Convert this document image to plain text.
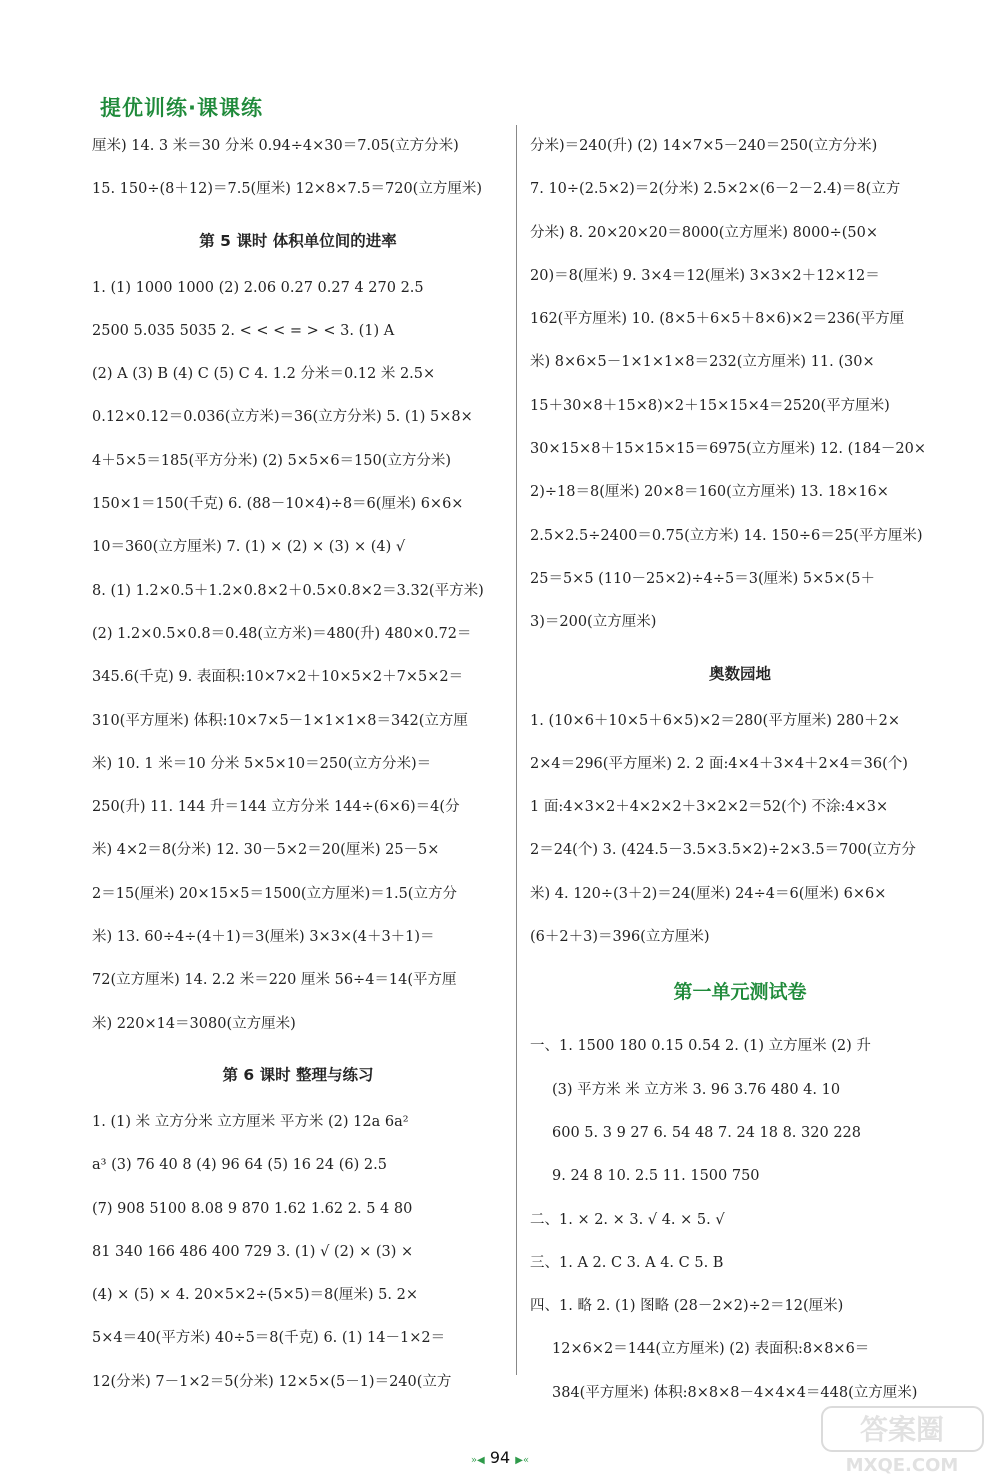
提优训练·课课练
厘米) 14. 3 米＝30 分米 0.94÷4×30＝7.05(立方分米)
15. 150÷(8＋12)＝7.5(厘米) 12×8×7.5＝720(立方厘米)
第 5 课时 体积单位间的进率
1. (1) 1000 1000 (2) 2.06 0.27 0.27 4 270 2.5
2500 5.035 5035 2. < < < = > < 3. (1) A
(2) A (3) B (4) C (5) C 4. 1.2 分米＝0.12 米 2.5×
0.12×0.12＝0.036(立方米)＝36(立方分米) 5. (1) 5×8×
4＋5×5＝185(平方分米) (2) 5×5×6＝150(立方分米)
150×1＝150(千克) 6. (88－10×4)÷8＝6(厘米) 6×6×
10＝360(立方厘米) 7. (1) × (2) × (3) × (4) √
8. (1) 1.2×0.5＋1.2×0.8×2＋0.5×0.8×2＝3.32(平方米)
(2) 1.2×0.5×0.8＝0.48(立方米)＝480(升) 480×0.72＝
345.6(千克) 9. 表面积:10×7×2＋10×5×2＋7×5×2＝
310(平方厘米) 体积:10×7×5－1×1×1×8＝342(立方厘
米) 10. 1 米＝10 分米 5×5×10＝250(立方分米)＝
250(升) 11. 144 升＝144 立方分米 144÷(6×6)＝4(分
米) 4×2＝8(分米) 12. 30－5×2＝20(厘米) 25－5×
2＝15(厘米) 20×15×5＝1500(立方厘米)＝1.5(立方分
米) 13. 60÷4÷(4＋1)＝3(厘米) 3×3×(4＋3＋1)＝
72(立方厘米) 14. 2.2 米＝220 厘米 56÷4＝14(平方厘
米) 220×14＝3080(立方厘米)
第 6 课时 整理与练习
1. (1) 米 立方分米 立方厘米 平方米 (2) 12a 6a²
a³ (3) 76 40 8 (4) 96 64 (5) 16 24 (6) 2.5
(7) 908 5100 8.08 9 870 1.62 1.62 2. 5 4 80
81 340 166 486 400 729 3. (1) √ (2) × (3) ×
(4) × (5) × 4. 20×5×2÷(5×5)＝8(厘米) 5. 2×
5×4＝40(平方米) 40÷5＝8(千克) 6. (1) 14－1×2＝
12(分米) 7－1×2＝5(分米) 12×5×(5－1)＝240(立方
分米)＝240(升) (2) 14×7×5－240＝250(立方分米)
7. 10÷(2.5×2)＝2(分米) 2.5×2×(6－2－2.4)＝8(立方
分米) 8. 20×20×20＝8000(立方厘米) 8000÷(50×
20)＝8(厘米) 9. 3×4＝12(厘米) 3×3×2＋12×12＝
162(平方厘米) 10. (8×5＋6×5＋8×6)×2＝236(平方厘
米) 8×6×5－1×1×1×8＝232(立方厘米) 11. (30×
15＋30×8＋15×8)×2＋15×15×4＝2520(平方厘米)
30×15×8＋15×15×15＝6975(立方厘米) 12. (184－20×
2)÷18＝8(厘米) 20×8＝160(立方厘米) 13. 18×16×
2.5×2.5÷2400＝0.75(立方米) 14. 150÷6＝25(平方厘米)
25＝5×5 (110－25×2)÷4÷5＝3(厘米) 5×5×(5＋
3)＝200(立方厘米)
奥数园地
1. (10×6＋10×5＋6×5)×2＝280(平方厘米) 280＋2×
2×4＝296(平方厘米) 2. 2 面:4×4＋3×4＋2×4＝36(个)
1 面:4×3×2＋4×2×2＋3×2×2＝52(个) 不涂:4×3×
2＝24(个) 3. (424.5－3.5×3.5×2)÷2×3.5＝700(立方分
米) 4. 120÷(3＋2)＝24(厘米) 24÷4＝6(厘米) 6×6×
(6＋2＋3)＝396(立方厘米)
第一单元测试卷
一、1. 1500 180 0.15 0.54 2. (1) 立方厘米 (2) 升
(3) 平方米 米 立方米 3. 96 3.76 480 4. 10
600 5. 3 9 27 6. 54 48 7. 24 18 8. 320 228
9. 24 8 10. 2.5 11. 1500 750
二、1. × 2. × 3. √ 4. × 5. √
三、1. A 2. C 3. A 4. C 5. B
四、1. 略 2. (1) 图略 (28－2×2)÷2＝12(厘米)
12×6×2＝144(立方厘米) (2) 表面积:8×8×6＝
384(平方厘米) 体积:8×8×8－4×4×4＝448(立方厘米)
»◀ 94 ▶«
答案圈
MXQE.COM
